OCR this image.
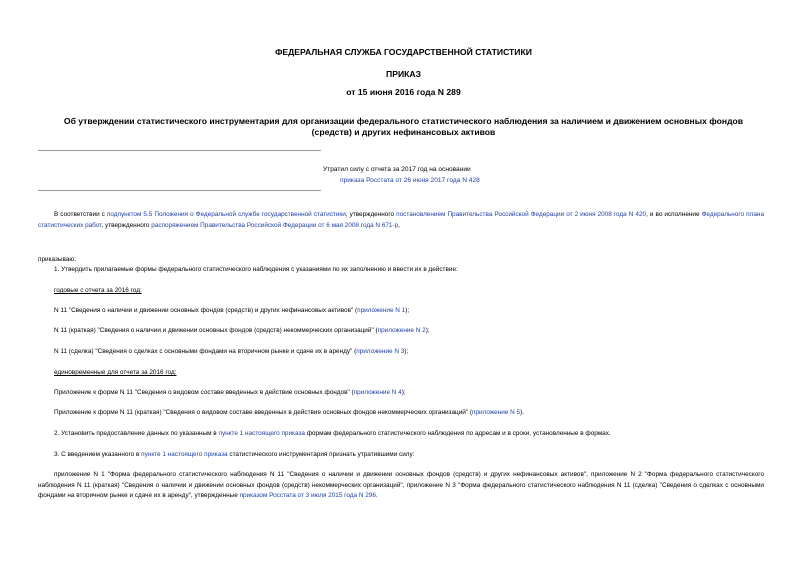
ФЕДЕРАЛЬНАЯ СЛУЖБА ГОСУДАРСТВЕННОЙ СТАТИСТИКИ
ПРИКАЗ
от 15 июня 2016 года N 289
Об утверждении статистического инструментария для организации федерального статистического наблюдения за наличием и движением основных фондов (средств) и других нефинансовых активов
Утратил силу с отчета за 2017 год на основании
приказа Росстата от 26 июня 2017 года N 428
В соответствии с подпунктом 5.5 Положения о Федеральной службе государственной статистики, утвержденного постановлением Правительства Российской Федерации от 2 июня 2008 года N 420, и во исполнение Федерального плана статистических работ, утвержденного распоряжением Правительства Российской Федерации от 6 мая 2008 года N 671-р,
приказываю:
1. Утвердить прилагаемые формы федерального статистического наблюдения с указаниями по их заполнению и ввести их в действие:
годовые с отчета за 2016 год:
N 11 "Сведения о наличии и движении основных фондов (средств) и других нефинансовых активов" (приложение N 1);
N 11 (краткая) "Сведения о наличии и движении основных фондов (средств) некоммерческих организаций" (приложение N 2);
N 11 (сделка) "Сведения о сделках с основными фондами на вторичном рынке и сдаче их в аренду" (приложение N 3);
единовременные для отчета за 2016 год:
Приложение к форме N 11 "Сведения о видовом составе введенных в действие основных фондов" (приложение N 4);
Приложение к форме N 11 (краткая) "Сведения о видовом составе введенных в действие основных фондов некоммерческих организаций" (приложение N 5).
2. Установить предоставление данных по указанным в пункте 1 настоящего приказа формам федерального статистического наблюдения по адресам и в сроки, установленные в формах.
3. С введением указанного в пункте 1 настоящего приказа статистического инструментария признать утратившими силу:
приложение N 1 "Форма федерального статистического наблюдения N 11 "Сведения о наличии и движении основных фондов (средств) и других нефинансовых активов", приложение N 2 "Форма федерального статистического наблюдения N 11 (краткая) "Сведения о наличии и движении основных фондов (средств) некоммерческих организаций", приложение N 3 "Форма федерального статистического наблюдения N 11 (сделка) "Сведения о сделках с основными фондами на вторичном рынке и сдаче их в аренду", утвержденные приказом Росстата от 3 июля 2015 года N 296.
